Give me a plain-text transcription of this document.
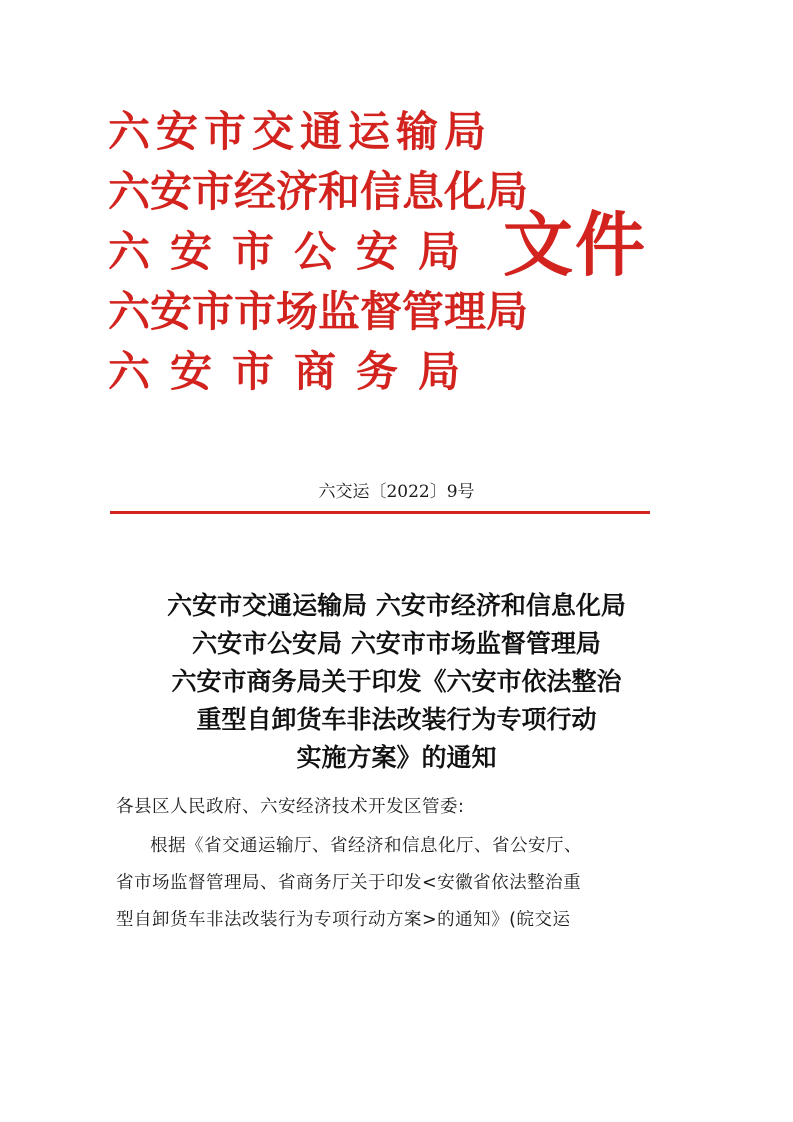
六安市交通运输局
六安市经济和信息化局
六安市公安局
六安市市场监督管理局
六安市商务局
文件
六交运〔2022〕9号
六安市交通运输局 六安市经济和信息化局
六安市公安局 六安市市场监督管理局
六安市商务局关于印发《六安市依法整治
重型自卸货车非法改装行为专项行动
实施方案》的通知
各县区人民政府、六安经济技术开发区管委:
根据《省交通运输厅、省经济和信息化厅、省公安厅、
省市场监督管理局、省商务厅关于印发<安徽省依法整治重
型自卸货车非法改装行为专项行动方案>的通知》(皖交运
